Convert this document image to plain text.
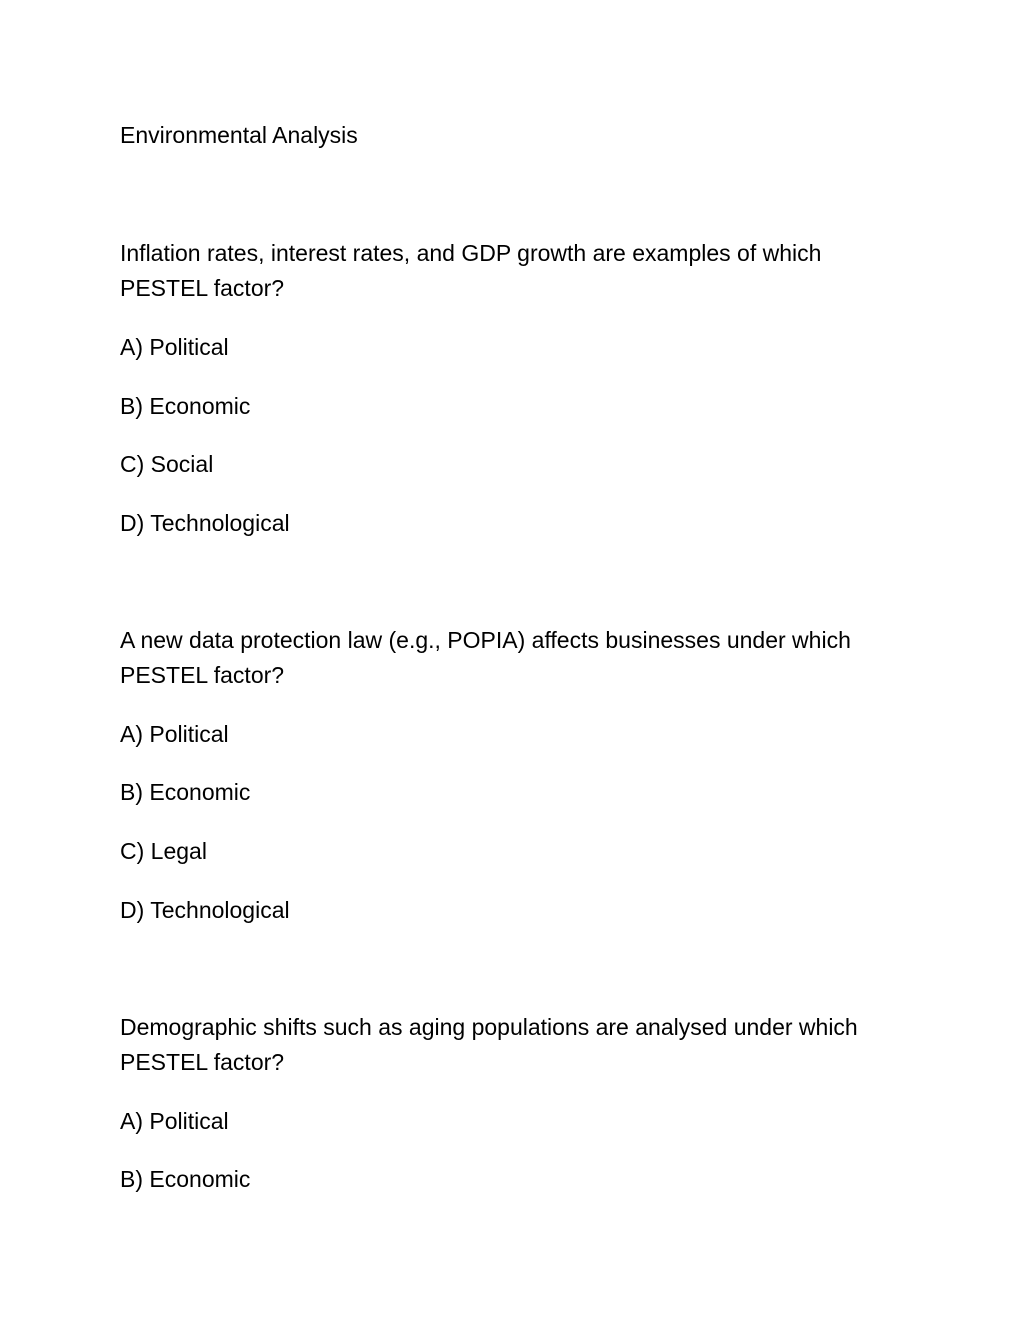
Environmental Analysis

Inflation rates, interest rates, and GDP growth are examples of which PESTEL factor?

A) Political

B) Economic

C) Social

D) Technological

A new data protection law (e.g., POPIA) affects businesses under which PESTEL factor?

A) Political

B) Economic

C) Legal

D) Technological

Demographic shifts such as aging populations are analysed under which PESTEL factor?

A) Political

B) Economic
